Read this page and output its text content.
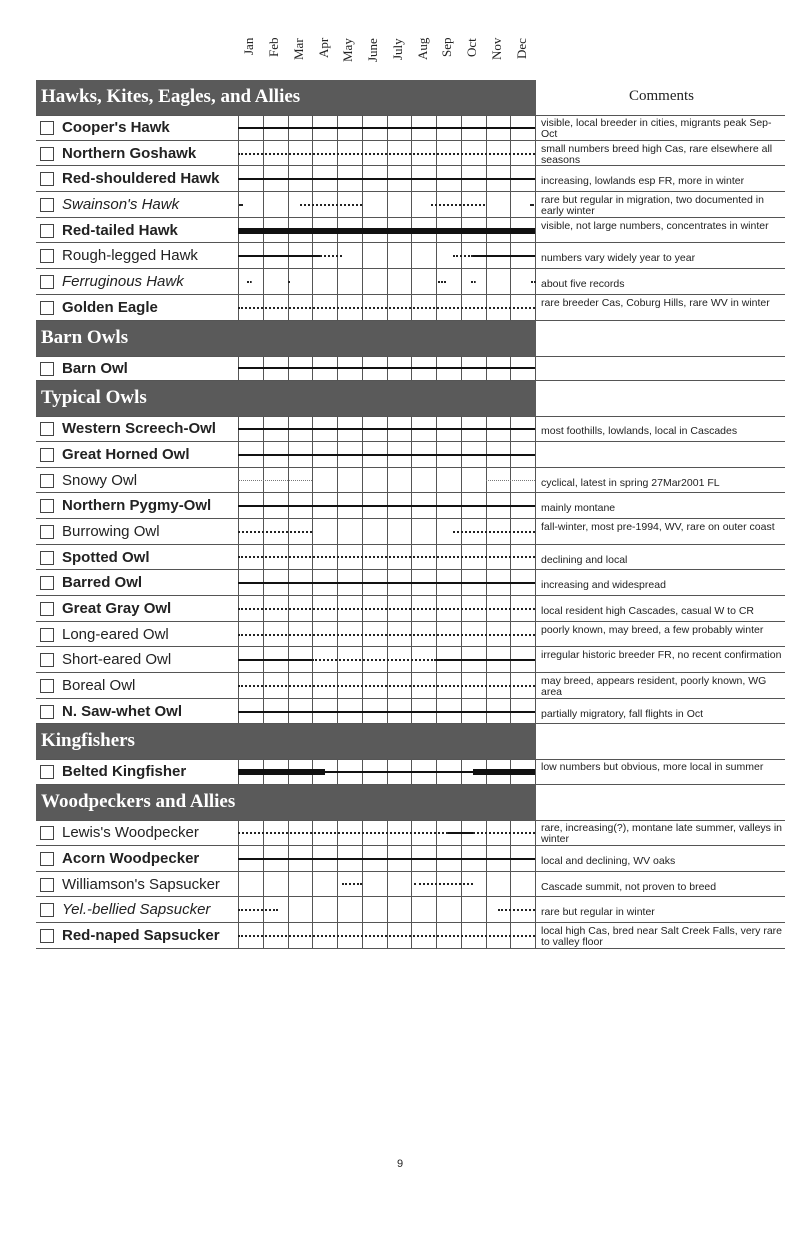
Jan Feb Mar Apr May June July Aug Sep Oct Nov Dec
Hawks, Kites, Eagles, and Allies	Comments
Cooper's Hawk	visible, local breeder in cities, migrants peak Sep-Oct
Northern Goshawk	small numbers breed high Cas, rare elsewhere all seasons
Red-shouldered Hawk	increasing, lowlands esp FR, more in winter
Swainson's Hawk	rare but regular in migration, two documented in early winter
Red-tailed Hawk	visible, not large numbers, concentrates in winter
Rough-legged Hawk	numbers vary widely year to year
Ferruginous Hawk	about five records
Golden Eagle	rare breeder Cas, Coburg Hills, rare WV in winter
Barn Owls
Barn Owl
Typical Owls
Western Screech-Owl	most foothills, lowlands, local in Cascades
Great Horned Owl
Snowy Owl	cyclical, latest in spring 27Mar2001 FL
Northern Pygmy-Owl	mainly montane
Burrowing Owl	fall-winter, most pre-1994, WV, rare on outer coast
Spotted Owl	declining and local
Barred Owl	increasing and widespread
Great Gray Owl	local resident high Cascades, casual W to CR
Long-eared Owl	poorly known, may breed, a few probably winter
Short-eared Owl	irregular historic breeder FR, no recent confirmation
Boreal Owl	may breed, appears resident, poorly known, WG area
N. Saw-whet Owl	partially migratory, fall flights in Oct
Kingfishers
Belted Kingfisher	low numbers but obvious, more local in summer
Woodpeckers and Allies
Lewis's Woodpecker	rare, increasing(?), montane late summer, valleys in winter
Acorn Woodpecker	local and declining, WV oaks
Williamson's Sapsucker	Cascade summit, not proven to breed
Yel.-bellied Sapsucker	rare but regular in winter
Red-naped Sapsucker	local high Cas, bred near Salt Creek Falls, very rare to valley floor
9
